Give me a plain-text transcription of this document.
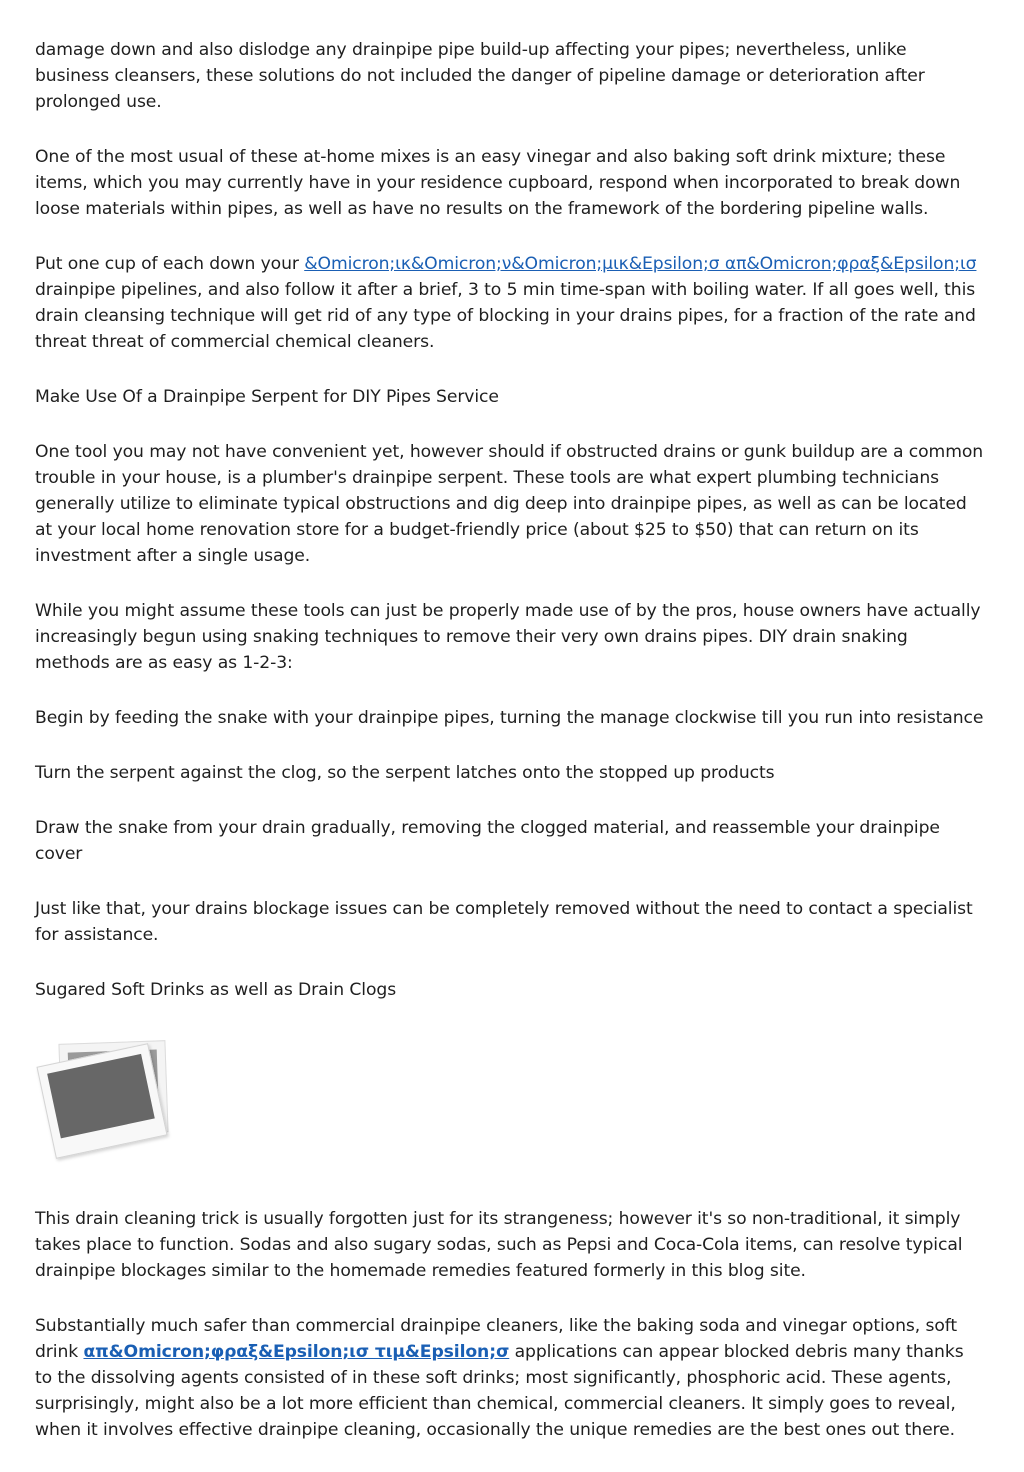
damage down and also dislodge any drainpipe pipe build-up affecting your pipes; nevertheless, unlike business cleansers, these solutions do not included the danger of pipeline damage or deterioration after prolonged use.

One of the most usual of these at-home mixes is an easy vinegar and also baking soft drink mixture; these items, which you may currently have in your residence cupboard, respond when incorporated to break down loose materials within pipes, as well as have no results on the framework of the bordering pipeline walls.

Put one cup of each down your &Omicron;ικ&Omicron;ν&Omicron;μικ&Epsilon;σ απ&Omicron;φραξ&Epsilon;ισ drainpipe pipelines, and also follow it after a brief, 3 to 5 min time-span with boiling water. If all goes well, this drain cleansing technique will get rid of any type of blocking in your drains pipes, for a fraction of the rate and threat threat of commercial chemical cleaners.

Make Use Of a Drainpipe Serpent for DIY Pipes Service

One tool you may not have convenient yet, however should if obstructed drains or gunk buildup are a common trouble in your house, is a plumber's drainpipe serpent. These tools are what expert plumbing technicians generally utilize to eliminate typical obstructions and dig deep into drainpipe pipes, as well as can be located at your local home renovation store for a budget-friendly price (about $25 to $50) that can return on its investment after a single usage.

While you might assume these tools can just be properly made use of by the pros, house owners have actually increasingly begun using snaking techniques to remove their very own drains pipes. DIY drain snaking methods are as easy as 1-2-3:

Begin by feeding the snake with your drainpipe pipes, turning the manage clockwise till you run into resistance

Turn the serpent against the clog, so the serpent latches onto the stopped up products

Draw the snake from your drain gradually, removing the clogged material, and reassemble your drainpipe cover

Just like that, your drains blockage issues can be completely removed without the need to contact a specialist for assistance.

Sugared Soft Drinks as well as Drain Clogs

This drain cleaning trick is usually forgotten just for its strangeness; however it's so non-traditional, it simply takes place to function. Sodas and also sugary sodas, such as Pepsi and Coca-Cola items, can resolve typical drainpipe blockages similar to the homemade remedies featured formerly in this blog site.

Substantially much safer than commercial drainpipe cleaners, like the baking soda and vinegar options, soft drink απ&Omicron;φραξ&Epsilon;ισ τιμ&Epsilon;σ applications can appear blocked debris many thanks to the dissolving agents consisted of in these soft drinks; most significantly, phosphoric acid. These agents, surprisingly, might also be a lot more efficient than chemical, commercial cleaners. It simply goes to reveal, when it involves effective drainpipe cleaning, occasionally the unique remedies are the best ones out there.
